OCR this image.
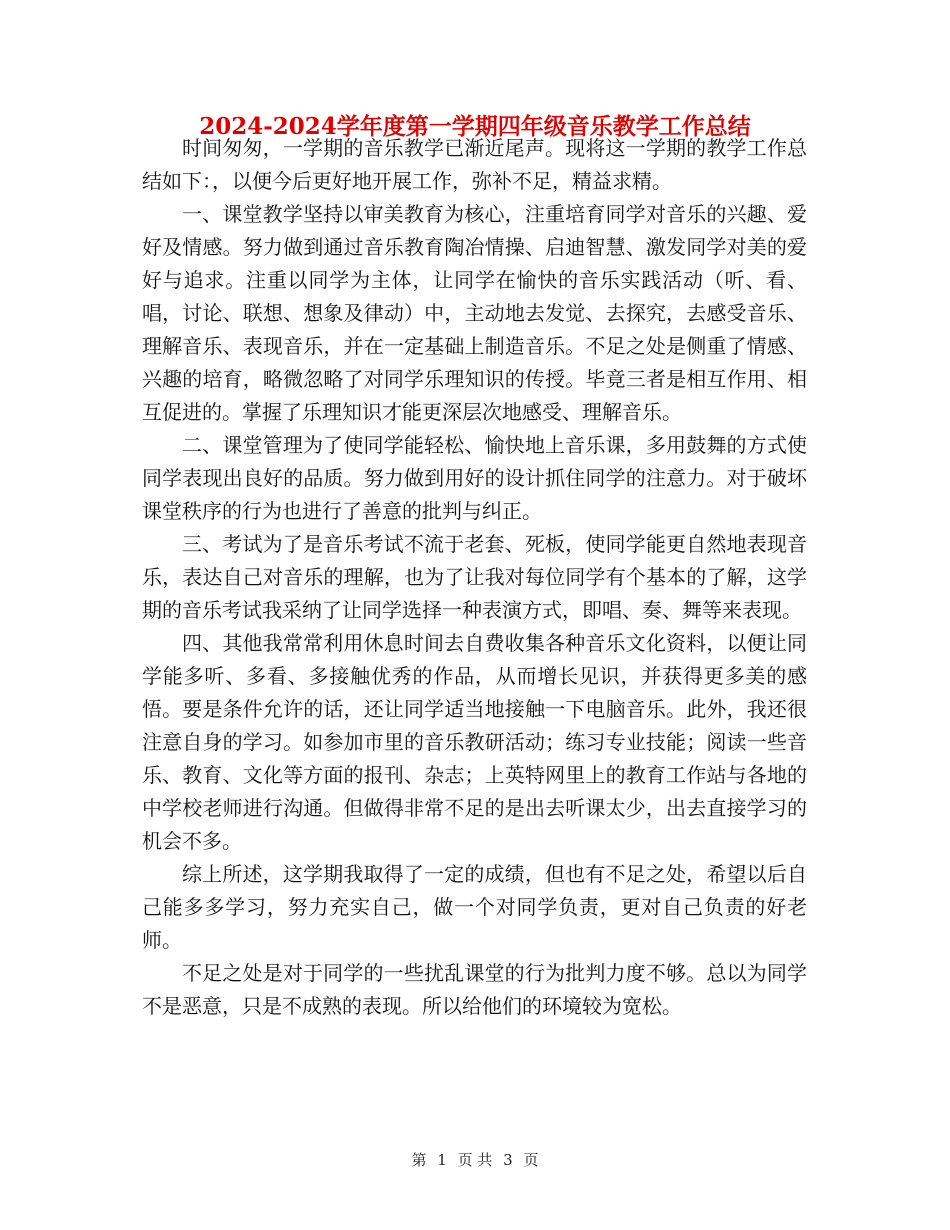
2024-2024学年度第一学期四年级音乐教学工作总结

时间匆匆，一学期的音乐教学已渐近尾声。现将这一学期的教学工作总结如下：，以便今后更好地开展工作，弥补不足，精益求精。

一、课堂教学坚持以审美教育为核心，注重培育同学对音乐的兴趣、爱好及情感。努力做到通过音乐教育陶冶情操、启迪智慧、激发同学对美的爱好与追求。注重以同学为主体，让同学在愉快的音乐实践活动（听、看、唱，讨论、联想、想象及律动）中，主动地去发觉、去探究，去感受音乐、理解音乐、表现音乐，并在一定基础上制造音乐。不足之处是侧重了情感、兴趣的培育，略微忽略了对同学乐理知识的传授。毕竟三者是相互作用、相互促进的。掌握了乐理知识才能更深层次地感受、理解音乐。

二、课堂管理为了使同学能轻松、愉快地上音乐课，多用鼓舞的方式使同学表现出良好的品质。努力做到用好的设计抓住同学的注意力。对于破坏课堂秩序的行为也进行了善意的批判与纠正。

三、考试为了是音乐考试不流于老套、死板，使同学能更自然地表现音乐，表达自己对音乐的理解，也为了让我对每位同学有个基本的了解，这学期的音乐考试我采纳了让同学选择一种表演方式，即唱、奏、舞等来表现。

四、其他我常常利用休息时间去自费收集各种音乐文化资料，以便让同学能多听、多看、多接触优秀的作品，从而增长见识，并获得更多美的感悟。要是条件允许的话，还让同学适当地接触一下电脑音乐。此外，我还很注意自身的学习。如参加市里的音乐教研活动；练习专业技能；阅读一些音乐、教育、文化等方面的报刊、杂志；上英特网里上的教育工作站与各地的中学校老师进行沟通。但做得非常不足的是出去听课太少，出去直接学习的机会不多。

综上所述，这学期我取得了一定的成绩，但也有不足之处，希望以后自己能多多学习，努力充实自己，做一个对同学负责，更对自己负责的好老师。

不足之处是对于同学的一些扰乱课堂的行为批判力度不够。总以为同学不是恶意，只是不成熟的表现。所以给他们的环境较为宽松。

第 1 页 共 3 页
